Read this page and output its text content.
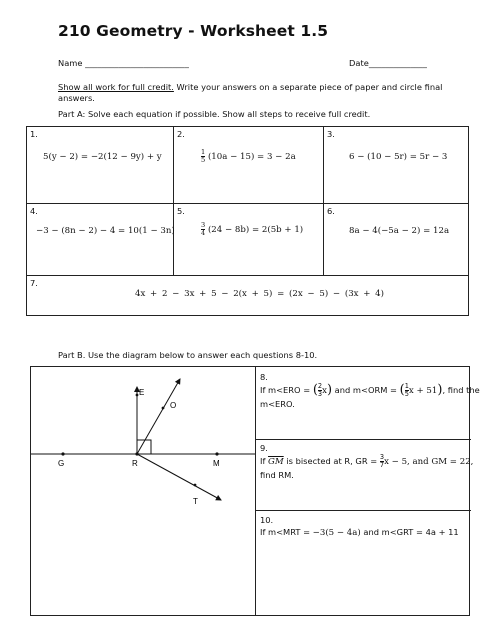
210 Geometry - Worksheet 1.5
Name _________________________	Date______________
Show all work for full credit. Write your answers on a separate piece of paper and circle final
answers.
Part A: Solve each equation if possible. Show all steps to receive full credit.
1.
5(y − 2) = −2(12 − 9y) + y
2.
$\frac{1}{5} (10a - 15) = 3 - 2a$
3.
6 − (10 − 5r) = 5r − 3
4.
−3 − (8n − 2) − 4 = 10(1 − 3n)
5.
$\frac{3}{4} (24 - 8b) = 2(5b + 1)$
6.
8a − 4(−5a − 2) = 12a
7.
4x + 2 − 3x + 5 − 2(x + 5) = (2x − 5) − (3x + 4)
Part B. Use the diagram below to answer each questions 8-10.
E
O
G	R	M
T
8.
If m<ERO = ( $\frac{2}{3} x$) and m<ORM = ( $\frac{1}{5}$ x + 51), find the
m<ERO.
9.
If $\overline{GM}$ is bisected at R, GR = $\frac{3}{7}$ x − 5, and GM = 22,
find RM.
10.
If m<MRT = −3(5 − 4a) and m<GRT = 4a + 11
